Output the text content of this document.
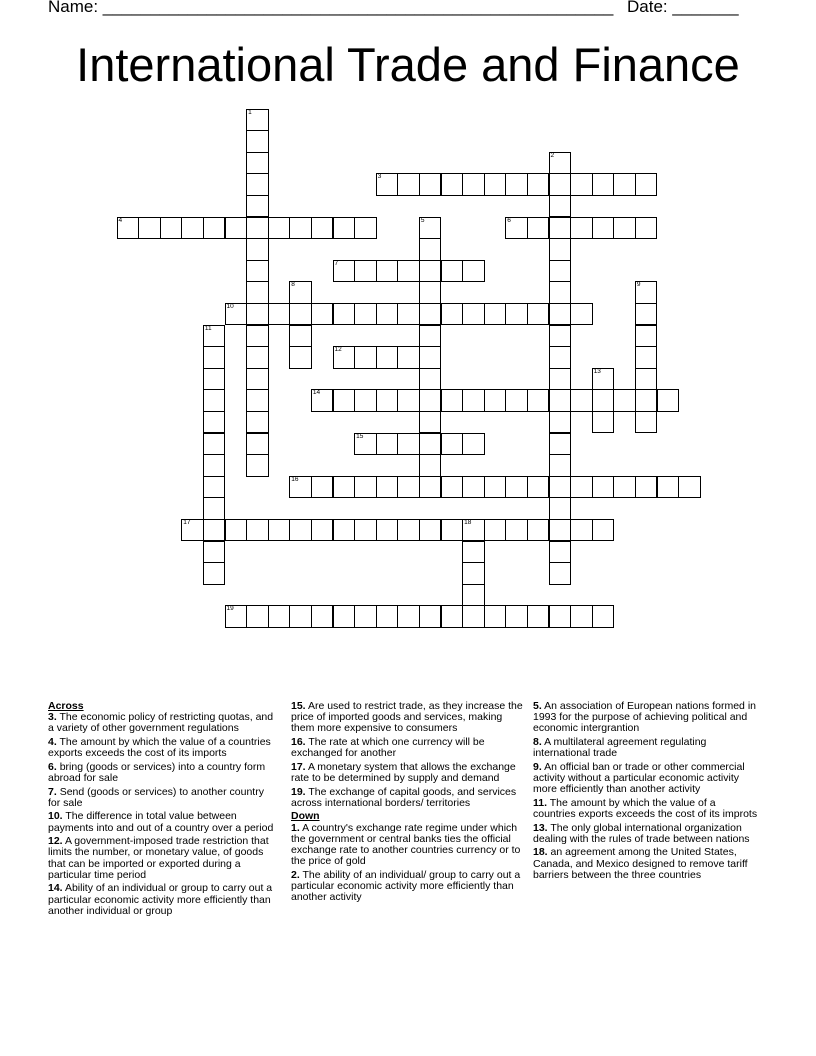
Name: ______________________________________________________ Date: _______
International Trade and Finance
1
2
3
4	5	6
7
8	9
10
11
12
13
14
15
16
17	18
19

Across

3. The economic policy of restricting quotas, and a variety of other government regulations

4. The amount by which the value of a countries exports exceeds the cost of its imports

6. bring (goods or services) into a country form abroad for sale

7. Send (goods or services) to another country for sale

10. The difference in total value between payments into and out of a country over a period

12. A government-imposed trade restriction that limits the number, or monetary value, of goods that can be imported or exported during a particular time period

14. Ability of an individual or group to carry out a particular economic activity more efficiently than another individual or group

15. Are used to restrict trade, as they increase the price of imported goods and services, making them more expensive to consumers

16. The rate at which one currency will be exchanged for another

17. A monetary system that allows the exchange rate to be determined by supply and demand

19. The exchange of capital goods, and services across international borders/ territories

Down

1. A country's exchange rate regime under which the government or central banks ties the official exchange rate to another countries currency or to the price of gold

2. The ability of an individual/ group to carry out a particular economic activity more efficiently than another activity

5. An association of European nations formed in 1993 for the purpose of achieving political and economic intergrantion

8. A multilateral agreement regulating international trade

9. An official ban or trade or other commercial activity without a particular economic activity more efficiently than another activity

11. The amount by which the value of a countries exports exceeds the cost of its improts

13. The only global international organization dealing with the rules of trade between nations

18. an agreement among the United States, Canada, and Mexico designed to remove tariff barriers between the three countries
